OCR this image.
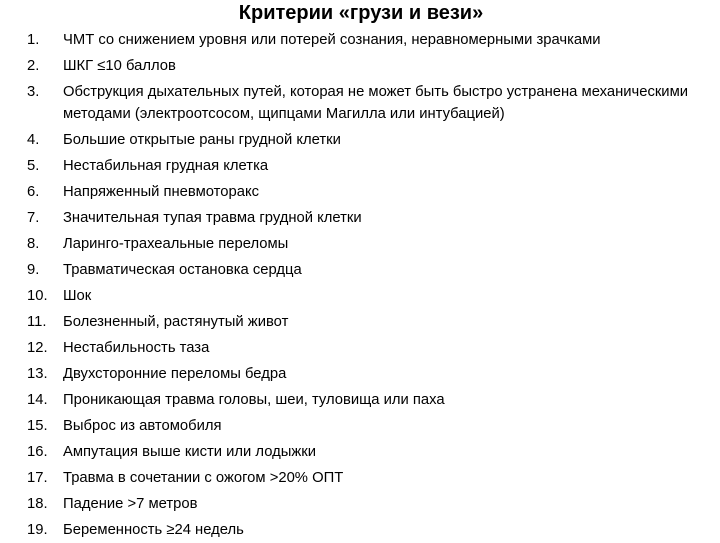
Критерии «грузи и вези»
1.	ЧМТ со снижением уровня или потерей сознания, неравномерными зрачками
2.	ШКГ ≤10 баллов
3.	Обструкция дыхательных путей, которая не может быть быстро устранена механическими методами (электроотсосом, щипцами Магилла или интубацией)
4.	Большие открытые раны грудной клетки
5.	Нестабильная грудная клетка
6.	Напряженный пневмоторакс
7.	Значительная тупая травма грудной клетки
8.	Ларинго-трахеальные переломы
9.	Травматическая остановка сердца
10.	Шок
11.	Болезненный, растянутый живот
12.	Нестабильность таза
13.	Двухсторонние переломы бедра
14.	Проникающая травма головы, шеи, туловища или паха
15.	Выброс из автомобиля
16.	Ампутация выше кисти или лодыжки
17.	Травма в сочетании с ожогом >20% ОПТ
18.	Падение >7 метров
19.	Беременность ≥24 недель
